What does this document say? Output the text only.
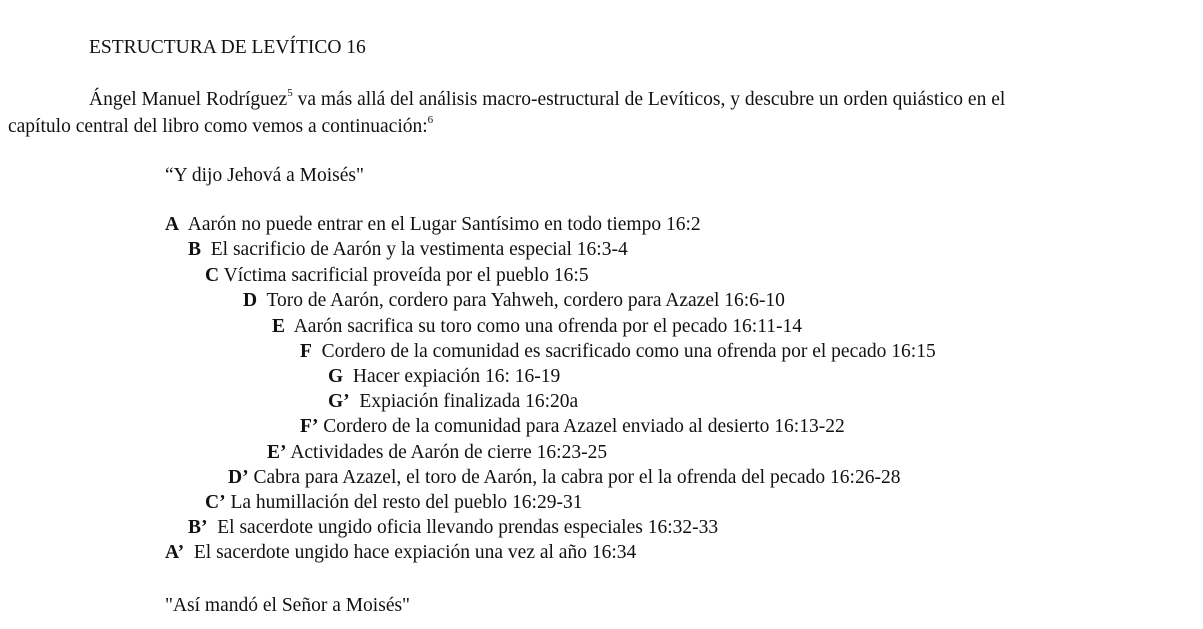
ESTRUCTURA DE LEVÍTICO 16
Ángel Manuel Rodríguez$^5$ va más allá del análisis macro-estructural de Levíticos, y descubre un orden quiástico en el
capítulo central del libro como vemos a continuación:$^6$
“Y dijo Jehová a Moisés"
A Aarón no puede entrar en el Lugar Santísimo en todo tiempo 16:2
B El sacrificio de Aarón y la vestimenta especial 16:3-4
C Víctima sacrificial proveída por el pueblo 16:5
D Toro de Aarón, cordero para Yahweh, cordero para Azazel 16:6-10
E Aarón sacrifica su toro como una ofrenda por el pecado 16:11-14
F Cordero de la comunidad es sacrificado como una ofrenda por el pecado 16:15
G Hacer expiación 16: 16-19
G’ Expiación finalizada 16:20a
F’ Cordero de la comunidad para Azazel enviado al desierto 16:13-22
E’ Actividades de Aarón de cierre 16:23-25
D’ Cabra para Azazel, el toro de Aarón, la cabra por el la ofrenda del pecado 16:26-28
C’ La humillación del resto del pueblo 16:29-31
B’ El sacerdote ungido oficia llevando prendas especiales 16:32-33
A’ El sacerdote ungido hace expiación una vez al año 16:34
"Así mandó el Señor a Moisés"
